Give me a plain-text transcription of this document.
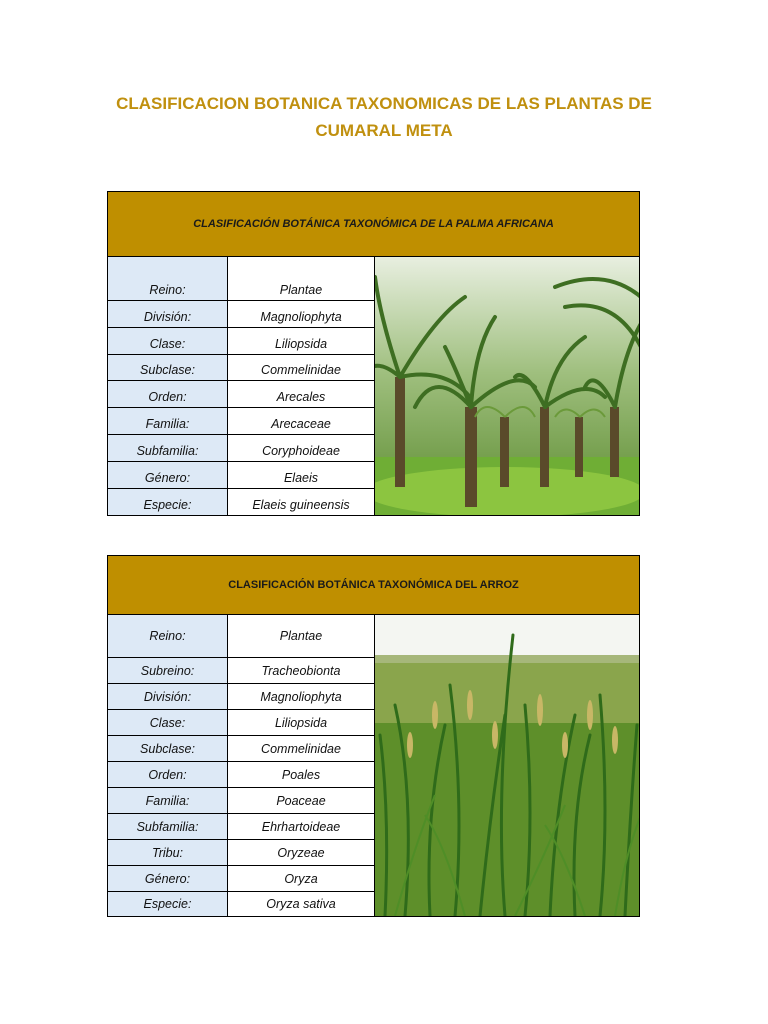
CLASIFICACION BOTANICA TAXONOMICAS DE LAS PLANTAS DE CUMARAL META
CLASIFICACIÓN BOTÁNICA TAXONÓMICA DE LA PALMA AFRICANA
Reino:
División:
Clase:
Subclase:
Orden:
Familia:
Subfamilia:
Género:
Especie:
Plantae
Magnoliophyta
Liliopsida
Commelinidae
Arecales
Arecaceae
Coryphoideae
Elaeis
Elaeis guineensis
CLASIFICACIÓN BOTÁNICA TAXONÓMICA DEL ARROZ
Reino:
Subreino:
División:
Clase:
Subclase:
Orden:
Familia:
Subfamilia:
Tribu:
Género:
Especie:
Plantae
Tracheobionta
Magnoliophyta
Liliopsida
Commelinidae
Poales
Poaceae
Ehrhartoideae
Oryzeae
Oryza
Oryza sativa
